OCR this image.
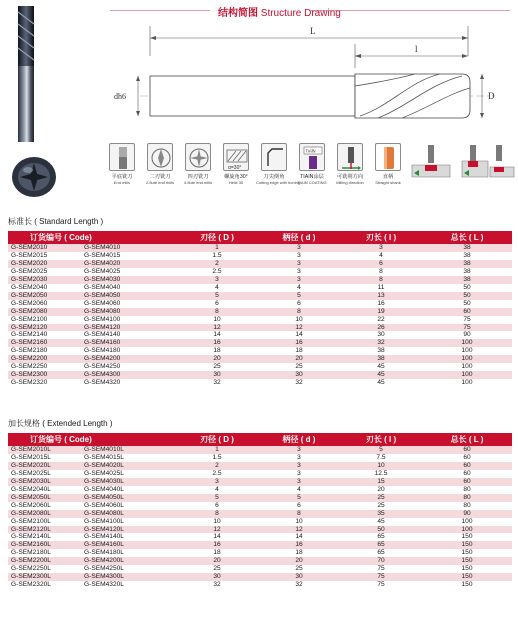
结构简图 Structure Drawing
L
l
dh6	D
平底铣刀
End mills
二刃铣刀
2-flute end mills
四刃铣刀
4-flute end mills
α=30°
螺旋角30°
Helix 30
刀尖倒角
Cutting edge with honing
TiAlN
TIAIN涂层
TIAIN COATING
可铣削方向
Milling direction
直柄
Straight shank
标准长 ( Standard Length )
订货编号 ( Code)		刃径 ( D )	柄径 ( d )	刃长 ( l )	总长 ( L )
G-SEM2010	G-SEM4010	1	3	3	38
G-SEM2015	G-SEM4015	1.5	3	4	38
G-SEM2020	G-SEM4020	2	3	6	38
G-SEM2025	G-SEM4025	2.5	3	8	38
G-SEM2030	G-SEM4030	3	3	8	38
G-SEM2040	G-SEM4040	4	4	11	50
G-SEM2050	G-SEM4050	5	5	13	50
G-SEM2060	G-SEM4060	6	6	16	50
G-SEM2080	G-SEM4080	8	8	19	60
G-SEM2100	G-SEM4100	10	10	22	75
G-SEM2120	G-SEM4120	12	12	26	75
G-SEM2140	G-SEM4140	14	14	30	90
G-SEM2160	G-SEM4160	16	16	32	100
G-SEM2180	G-SEM4180	18	18	38	100
G-SEM2200	G-SEM4200	20	20	38	100
G-SEM2250	G-SEM4250	25	25	45	100
G-SEM2300	G-SEM4300	30	30	45	100
G-SEM2320	G-SEM4320	32	32	45	100
加长规格 ( Extended Length )
订货编号 ( Code)		刃径 ( D )	柄径 ( d )	刃长 ( l )	总长 ( L )
G-SEM2010L	G-SEM4010L	1	3	5	60
G-SEM2015L	G-SEM4015L	1.5	3	7.5	60
G-SEM2020L	G-SEM4020L	2	3	10	60
G-SEM2025L	G-SEM4025L	2.5	3	12.5	60
G-SEM2030L	G-SEM4030L	3	3	15	60
G-SEM2040L	G-SEM4040L	4	4	20	80
G-SEM2050L	G-SEM4050L	5	5	25	80
G-SEM2060L	G-SEM4060L	6	6	25	80
G-SEM2080L	G-SEM4080L	8	8	35	90
G-SEM2100L	G-SEM4100L	10	10	45	100
G-SEM2120L	G-SEM4120L	12	12	50	100
G-SEM2140L	G-SEM4140L	14	14	65	150
G-SEM2160L	G-SEM4160L	16	16	65	150
G-SEM2180L	G-SEM4180L	18	18	65	150
G-SEM2200L	G-SEM4200L	20	20	70	150
G-SEM2250L	G-SEM4250L	25	25	75	150
G-SEM2300L	G-SEM4300L	30	30	75	150
G-SEM2320L	G-SEM4320L	32	32	75	150
